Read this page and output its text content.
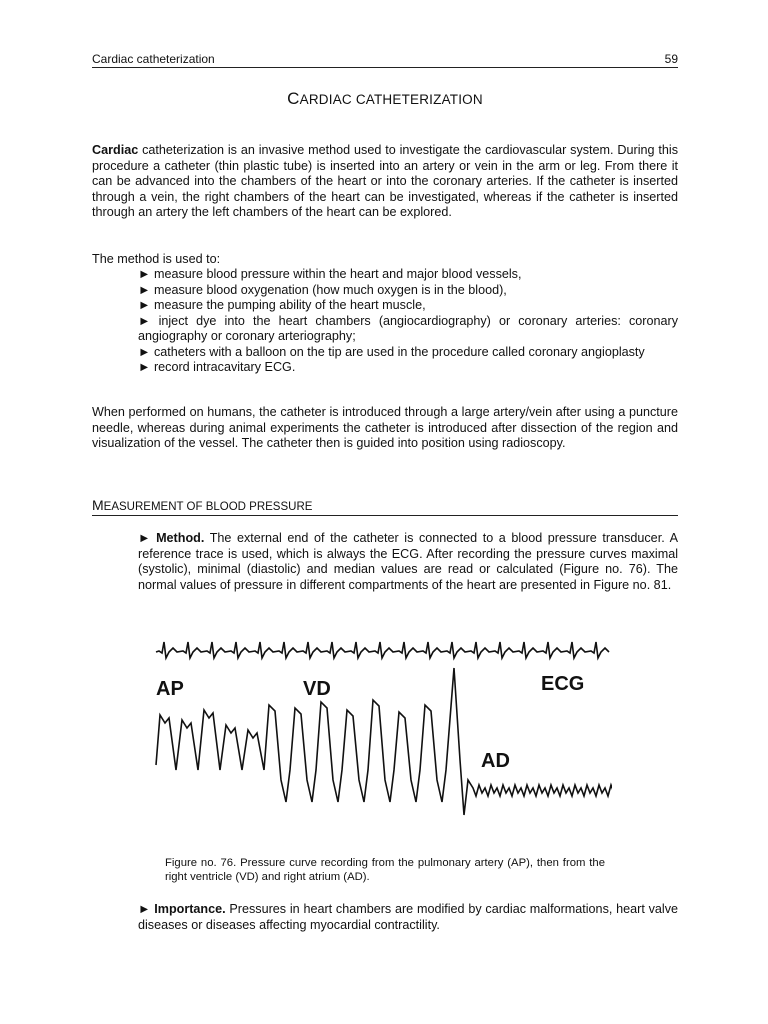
Cardiac catheterization	59
CARDIAC CATHETERIZATION

Cardiac catheterization is an invasive method used to investigate the cardiovascular system. During this procedure a catheter (thin plastic tube) is inserted into an artery or vein in the arm or leg. From there it can be advanced into the chambers of the heart or into the coronary arteries. If the catheter is inserted through a vein, the right chambers of the heart can be investigated, whereas if the catheter is inserted through an artery the left chambers of the heart can be explored.

The method is used to:

► measure blood pressure within the heart and major blood vessels,
► measure blood oxygenation (how much oxygen is in the blood),
► measure the pumping ability of the heart muscle,
► inject dye into the heart chambers (angiocardiography) or coronary arteries: coronary angiography or coronary arteriography;
► catheters with a balloon on the tip are used in the procedure called coronary angioplasty
► record intracavitary ECG.

When performed on humans, the catheter is introduced through a large artery/vein after using a puncture needle, whereas during animal experiments the catheter is introduced after dissection of the region and visualization of the vessel. The catheter then is guided into position using radioscopy.

MEASUREMENT OF BLOOD PRESSURE

► Method. The external end of the catheter is connected to a blood pressure transducer. A reference trace is used, which is always the ECG. After recording the pressure curves maximal (systolic), minimal (diastolic) and median values are read or calculated (Figure no. 76). The normal values of pressure in different compartments of the heart are presented in Figure no. 81.

AP	VD	ECG
AD

Figure no. 76. Pressure curve recording from the pulmonary artery (AP), then from the right ventricle (VD) and right atrium (AD).

► Importance. Pressures in heart chambers are modified by cardiac malformations, heart valve diseases or diseases affecting myocardial contractility.
